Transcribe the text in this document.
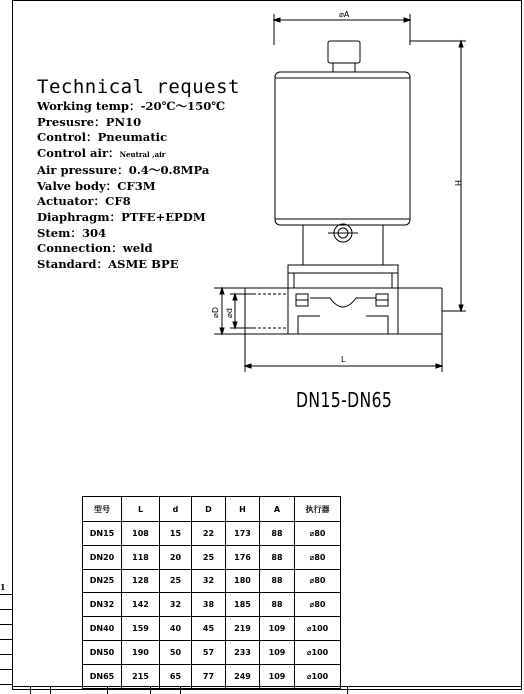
Technical request
Working temp：-20℃～150℃
Presusre：PN10
Control：Pneumatic
Control air：Neutral ,air
Air pressure：0.4～0.8MPa
Valve body：CF3M
Actuator：CF8
Diaphragm：PTFE+EPDM
Stem：304
Connection：weld
Standard：ASME BPE
⌀A
H
L
⌀D ⌀d
DN15-DN65
型号	L	d	D	H	A	执行器
DN15	108	15	22	173	88	⌀80
DN20	118	20	25	176	88	⌀80
DN25	128	25	32	180	88	⌀80
DN32	142	32	38	185	88	⌀80
DN40	159	40	45	219	109	⌀100
DN50	190	50	57	233	109	⌀100
DN65	215	65	77	249	109	⌀100
1
